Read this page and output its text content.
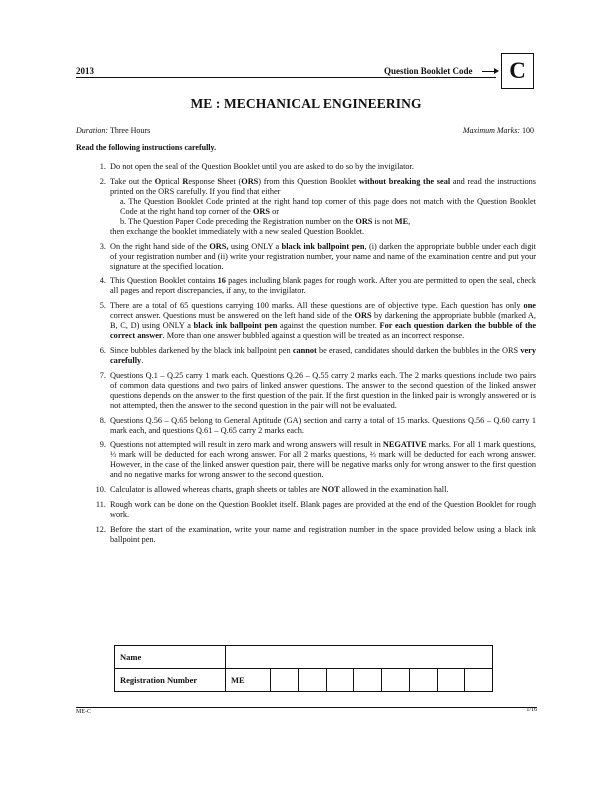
2013	Question Booklet Code	C
ME : MECHANICAL ENGINEERING
Duration: Three Hours	Maximum Marks: 100
Read the following instructions carefully.
1. Do not open the seal of the Question Booklet until you are asked to do so by the invigilator.
2. Take out the Optical Response Sheet (ORS) from this Question Booklet without breaking the seal and read the instructions printed on the ORS carefully. If you find that either
a. The Question Booklet Code printed at the right hand top corner of this page does not match with the Question Booklet Code at the right hand top corner of the ORS or
b. The Question Paper Code preceding the Registration number on the ORS is not ME,
then exchange the booklet immediately with a new sealed Question Booklet.
3. On the right hand side of the ORS, using ONLY a black ink ballpoint pen, (i) darken the appropriate bubble under each digit of your registration number and (ii) write your registration number, your name and name of the examination centre and put your signature at the specified location.
4. This Question Booklet contains 16 pages including blank pages for rough work. After you are permitted to open the seal, check all pages and report discrepancies, if any, to the invigilator.
5. There are a total of 65 questions carrying 100 marks. All these questions are of objective type. Each question has only one correct answer. Questions must be answered on the left hand side of the ORS by darkening the appropriate bubble (marked A, B, C, D) using ONLY a black ink ballpoint pen against the question number. For each question darken the bubble of the correct answer. More than one answer bubbled against a question will be treated as an incorrect response.
6. Since bubbles darkened by the black ink ballpoint pen cannot be erased, candidates should darken the bubbles in the ORS very carefully.
7. Questions Q.1 – Q.25 carry 1 mark each. Questions Q.26 – Q.55 carry 2 marks each. The 2 marks questions include two pairs of common data questions and two pairs of linked answer questions. The answer to the second question of the linked answer questions depends on the answer to the first question of the pair. If the first question in the linked pair is wrongly answered or is not attempted, then the answer to the second question in the pair will not be evaluated.
8. Questions Q.56 – Q.65 belong to General Aptitude (GA) section and carry a total of 15 marks. Questions Q.56 – Q.60 carry 1 mark each, and questions Q.61 – Q.65 carry 2 marks each.
9. Questions not attempted will result in zero mark and wrong answers will result in NEGATIVE marks. For all 1 mark questions, ⅓ mark will be deducted for each wrong answer. For all 2 marks questions, ⅔ mark will be deducted for each wrong answer. However, in the case of the linked answer question pair, there will be negative marks only for wrong answer to the first question and no negative marks for wrong answer to the second question.
10. Calculator is allowed whereas charts, graph sheets or tables are NOT allowed in the examination hall.
11. Rough work can be done on the Question Booklet itself. Blank pages are provided at the end of the Question Booklet for rough work.
12. Before the start of the examination, write your name and registration number in the space provided below using a black ink ballpoint pen.
Name									
Registration Number	ME								
ME-C	1/16
